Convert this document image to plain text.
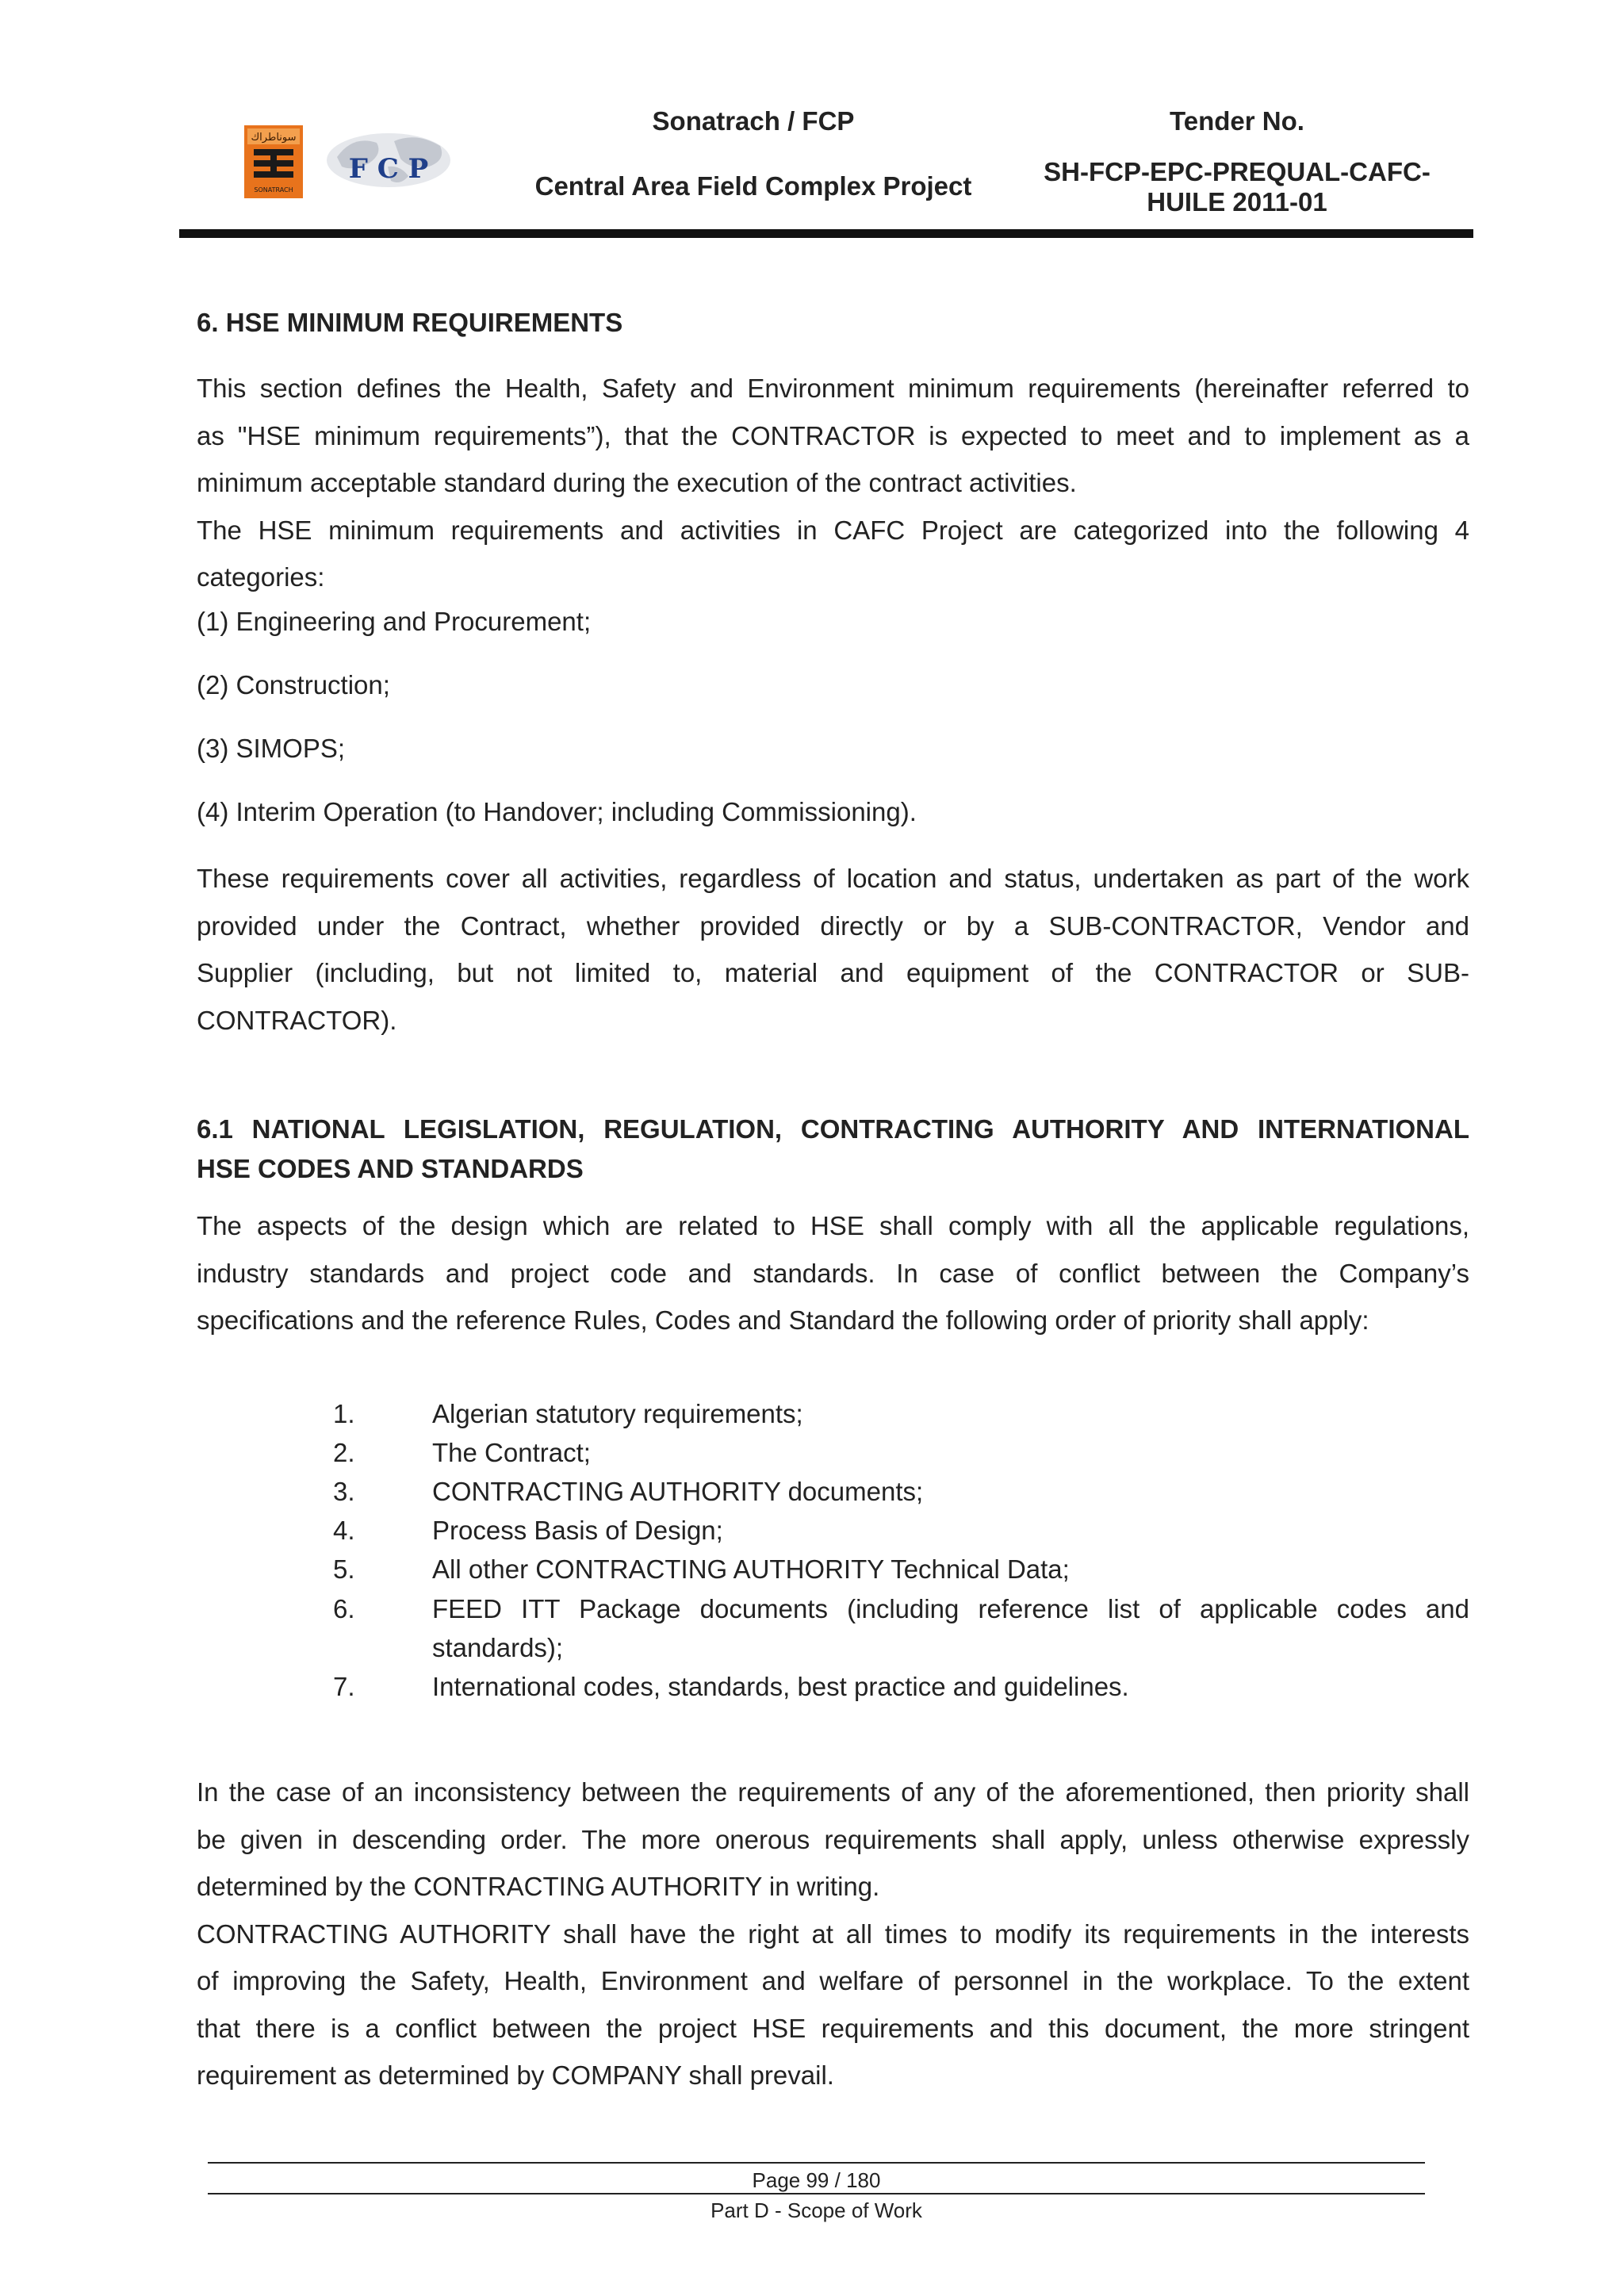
سوناطراك
SONATRACH
F C P
Sonatrach / FCP
Central Area Field Complex Project
Tender No.
SH-FCP-EPC-PREQUAL-CAFC-
HUILE 2011-01
6. HSE MINIMUM REQUIREMENTS
This section defines the Health, Safety and Environment minimum requirements (hereinafter referred to
as "HSE minimum requirements”), that the CONTRACTOR is expected to meet and to implement as a
minimum acceptable standard during the execution of the contract activities.
The HSE minimum requirements and activities in CAFC Project are categorized into the following 4
categories:
(1) Engineering and Procurement;
(2) Construction;
(3) SIMOPS;
(4) Interim Operation (to Handover; including Commissioning).
These requirements cover all activities, regardless of location and status, undertaken as part of the work
provided under the Contract, whether provided directly or by a SUB-CONTRACTOR, Vendor and
Supplier (including, but not limited to, material and equipment of the CONTRACTOR or SUB-
CONTRACTOR).
6.1 NATIONAL LEGISLATION, REGULATION, CONTRACTING AUTHORITY AND INTERNATIONAL
HSE CODES AND STANDARDS
The aspects of the design which are related to HSE shall comply with all the applicable regulations,
industry standards and project code and standards. In case of conflict between the Company’s
specifications and the reference Rules, Codes and Standard the following order of priority shall apply:
1.	Algerian statutory requirements;
2.	The Contract;
3.	CONTRACTING AUTHORITY documents;
4.	Process Basis of Design;
5.	All other CONTRACTING AUTHORITY Technical Data;
6.	FEED ITT Package documents (including reference list of applicable codes and
standards);
7.	International codes, standards, best practice and guidelines.
In the case of an inconsistency between the requirements of any of the aforementioned, then priority shall
be given in descending order. The more onerous requirements shall apply, unless otherwise expressly
determined by the CONTRACTING AUTHORITY in writing.
CONTRACTING AUTHORITY shall have the right at all times to modify its requirements in the interests
of improving the Safety, Health, Environment and welfare of personnel in the workplace. To the extent
that there is a conflict between the project HSE requirements and this document, the more stringent
requirement as determined by COMPANY shall prevail.
Page 99 / 180
Part D - Scope of Work
